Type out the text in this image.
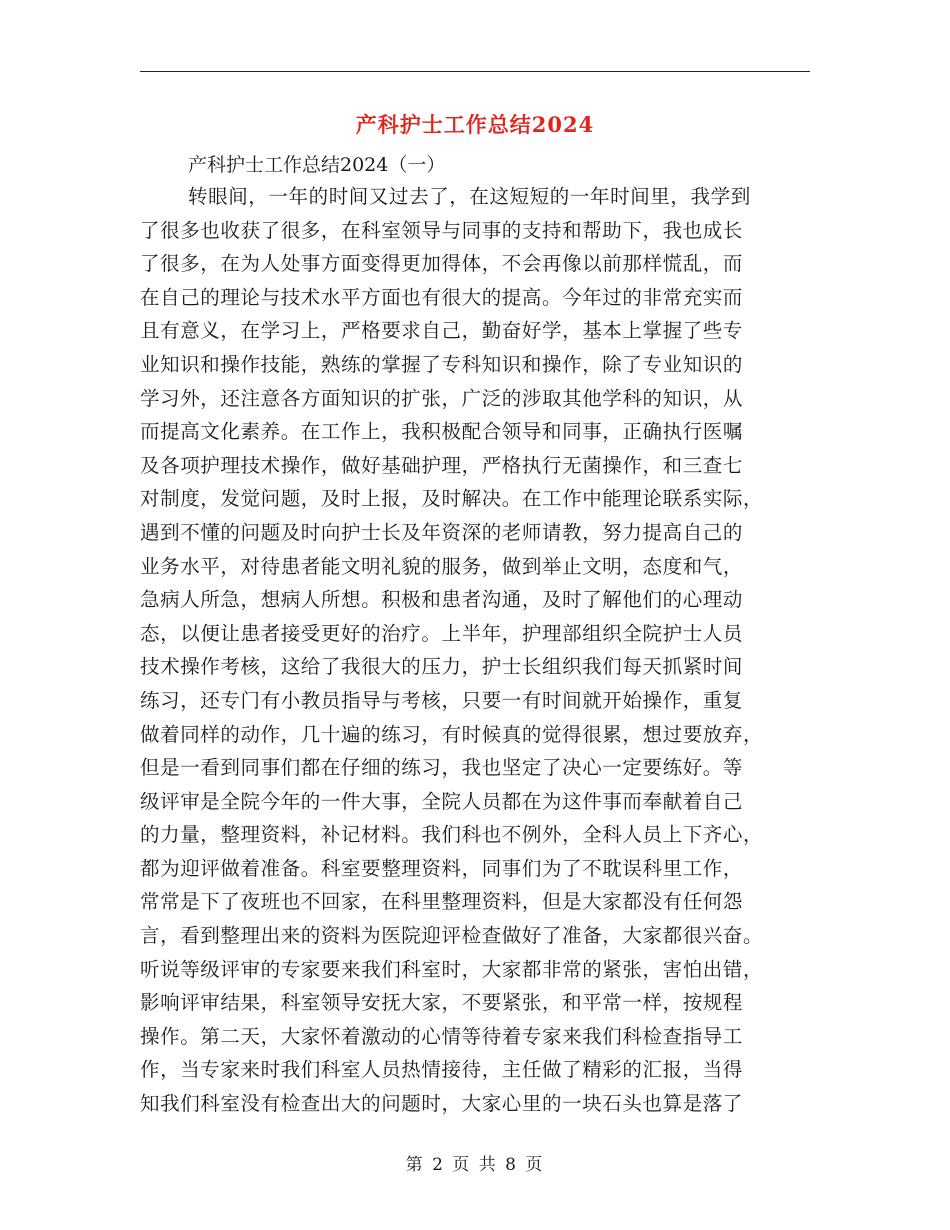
产科护士工作总结2024
产科护士工作总结2024（一）
转眼间，一年的时间又过去了，在这短短的一年时间里，我学到
了很多也收获了很多，在科室领导与同事的支持和帮助下，我也成长
了很多，在为人处事方面变得更加得体，不会再像以前那样慌乱，而
在自己的理论与技术水平方面也有很大的提高。今年过的非常充实而
且有意义，在学习上，严格要求自己，勤奋好学，基本上掌握了些专
业知识和操作技能，熟练的掌握了专科知识和操作，除了专业知识的
学习外，还注意各方面知识的扩张，广泛的涉取其他学科的知识，从
而提高文化素养。在工作上，我积极配合领导和同事，正确执行医嘱
及各项护理技术操作，做好基础护理，严格执行无菌操作，和三查七
对制度，发觉问题，及时上报，及时解决。在工作中能理论联系实际，
遇到不懂的问题及时向护士长及年资深的老师请教，努力提高自己的
业务水平，对待患者能文明礼貌的服务，做到举止文明，态度和气，
急病人所急，想病人所想。积极和患者沟通，及时了解他们的心理动
态，以便让患者接受更好的治疗。上半年，护理部组织全院护士人员
技术操作考核，这给了我很大的压力，护士长组织我们每天抓紧时间
练习，还专门有小教员指导与考核，只要一有时间就开始操作，重复
做着同样的动作，几十遍的练习，有时候真的觉得很累，想过要放弃，
但是一看到同事们都在仔细的练习，我也坚定了决心一定要练好。等
级评审是全院今年的一件大事，全院人员都在为这件事而奉献着自己
的力量，整理资料，补记材料。我们科也不例外，全科人员上下齐心，
都为迎评做着准备。科室要整理资料，同事们为了不耽误科里工作，
常常是下了夜班也不回家，在科里整理资料，但是大家都没有任何怨
言，看到整理出来的资料为医院迎评检查做好了准备，大家都很兴奋。
听说等级评审的专家要来我们科室时，大家都非常的紧张，害怕出错，
影响评审结果，科室领导安抚大家，不要紧张，和平常一样，按规程
操作。第二天，大家怀着激动的心情等待着专家来我们科检查指导工
作，当专家来时我们科室人员热情接待，主任做了精彩的汇报，当得
知我们科室没有检查出大的问题时，大家心里的一块石头也算是落了
第 2 页 共 8 页
